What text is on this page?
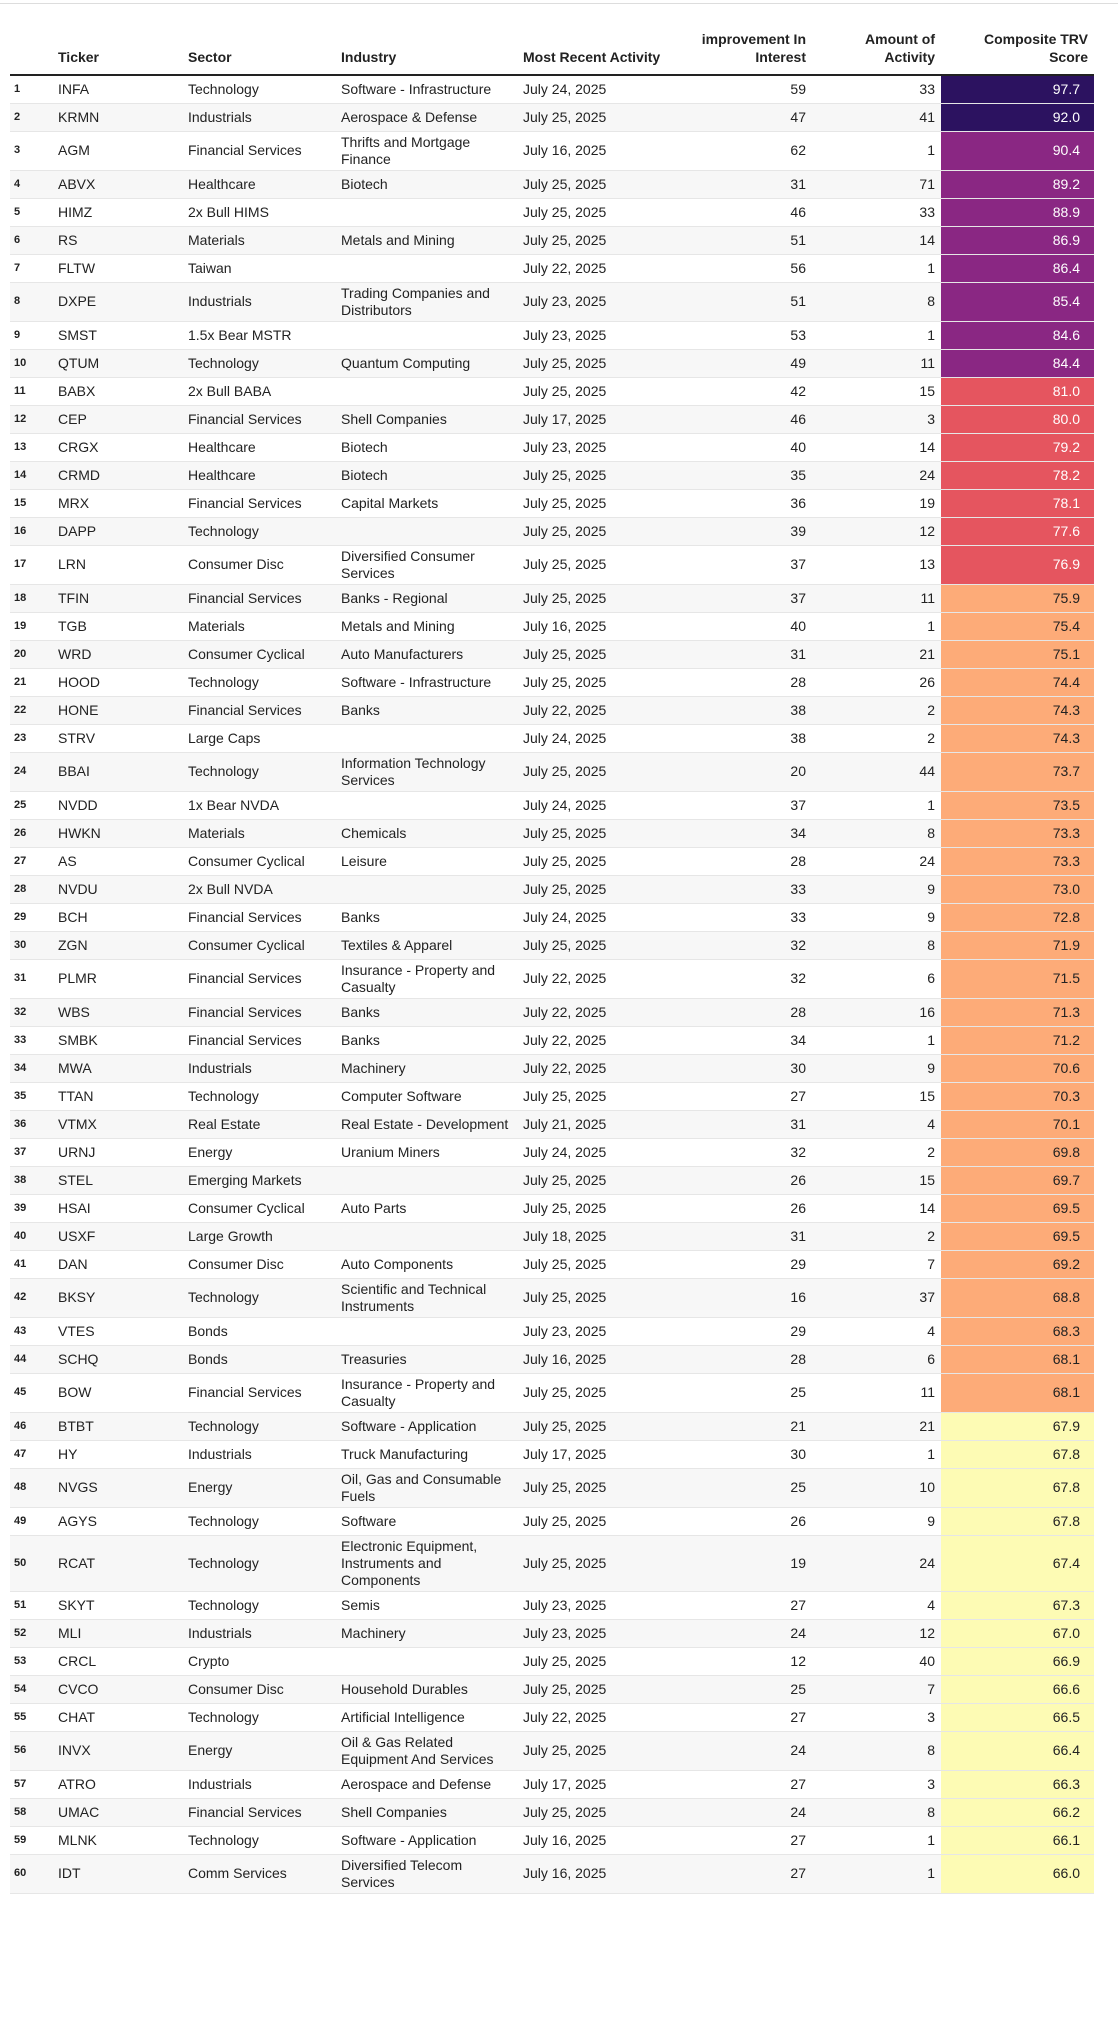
	Ticker	Sector	Industry	Most Recent Activity	improvement In Interest	Amount of Activity	Composite TRV Score
1	INFA	Technology	Software - Infrastructure	July 24, 2025	59	33	97.7
2	KRMN	Industrials	Aerospace & Defense	July 25, 2025	47	41	92.0
3	AGM	Financial Services	Thrifts and Mortgage Finance	July 16, 2025	62	1	90.4
4	ABVX	Healthcare	Biotech	July 25, 2025	31	71	89.2
5	HIMZ	2x Bull HIMS		July 25, 2025	46	33	88.9
6	RS	Materials	Metals and Mining	July 25, 2025	51	14	86.9
7	FLTW	Taiwan		July 22, 2025	56	1	86.4
8	DXPE	Industrials	Trading Companies and Distributors	July 23, 2025	51	8	85.4
9	SMST	1.5x Bear MSTR		July 23, 2025	53	1	84.6
10	QTUM	Technology	Quantum Computing	July 25, 2025	49	11	84.4
11	BABX	2x Bull BABA		July 25, 2025	42	15	81.0
12	CEP	Financial Services	Shell Companies	July 17, 2025	46	3	80.0
13	CRGX	Healthcare	Biotech	July 23, 2025	40	14	79.2
14	CRMD	Healthcare	Biotech	July 25, 2025	35	24	78.2
15	MRX	Financial Services	Capital Markets	July 25, 2025	36	19	78.1
16	DAPP	Technology		July 25, 2025	39	12	77.6
17	LRN	Consumer Disc	Diversified Consumer Services	July 25, 2025	37	13	76.9
18	TFIN	Financial Services	Banks - Regional	July 25, 2025	37	11	75.9
19	TGB	Materials	Metals and Mining	July 16, 2025	40	1	75.4
20	WRD	Consumer Cyclical	Auto Manufacturers	July 25, 2025	31	21	75.1
21	HOOD	Technology	Software - Infrastructure	July 25, 2025	28	26	74.4
22	HONE	Financial Services	Banks	July 22, 2025	38	2	74.3
23	STRV	Large Caps		July 24, 2025	38	2	74.3
24	BBAI	Technology	Information Technology Services	July 25, 2025	20	44	73.7
25	NVDD	1x Bear NVDA		July 24, 2025	37	1	73.5
26	HWKN	Materials	Chemicals	July 25, 2025	34	8	73.3
27	AS	Consumer Cyclical	Leisure	July 25, 2025	28	24	73.3
28	NVDU	2x Bull NVDA		July 25, 2025	33	9	73.0
29	BCH	Financial Services	Banks	July 24, 2025	33	9	72.8
30	ZGN	Consumer Cyclical	Textiles & Apparel	July 25, 2025	32	8	71.9
31	PLMR	Financial Services	Insurance - Property and Casualty	July 22, 2025	32	6	71.5
32	WBS	Financial Services	Banks	July 22, 2025	28	16	71.3
33	SMBK	Financial Services	Banks	July 22, 2025	34	1	71.2
34	MWA	Industrials	Machinery	July 22, 2025	30	9	70.6
35	TTAN	Technology	Computer Software	July 25, 2025	27	15	70.3
36	VTMX	Real Estate	Real Estate - Development	July 21, 2025	31	4	70.1
37	URNJ	Energy	Uranium Miners	July 24, 2025	32	2	69.8
38	STEL	Emerging Markets		July 25, 2025	26	15	69.7
39	HSAI	Consumer Cyclical	Auto Parts	July 25, 2025	26	14	69.5
40	USXF	Large Growth		July 18, 2025	31	2	69.5
41	DAN	Consumer Disc	Auto Components	July 25, 2025	29	7	69.2
42	BKSY	Technology	Scientific and Technical Instruments	July 25, 2025	16	37	68.8
43	VTES	Bonds		July 23, 2025	29	4	68.3
44	SCHQ	Bonds	Treasuries	July 16, 2025	28	6	68.1
45	BOW	Financial Services	Insurance - Property and Casualty	July 25, 2025	25	11	68.1
46	BTBT	Technology	Software - Application	July 25, 2025	21	21	67.9
47	HY	Industrials	Truck Manufacturing	July 17, 2025	30	1	67.8
48	NVGS	Energy	Oil, Gas and Consumable Fuels	July 25, 2025	25	10	67.8
49	AGYS	Technology	Software	July 25, 2025	26	9	67.8
50	RCAT	Technology	Electronic Equipment, Instruments and Components	July 25, 2025	19	24	67.4
51	SKYT	Technology	Semis	July 23, 2025	27	4	67.3
52	MLI	Industrials	Machinery	July 23, 2025	24	12	67.0
53	CRCL	Crypto		July 25, 2025	12	40	66.9
54	CVCO	Consumer Disc	Household Durables	July 25, 2025	25	7	66.6
55	CHAT	Technology	Artificial Intelligence	July 22, 2025	27	3	66.5
56	INVX	Energy	Oil & Gas Related Equipment And Services	July 25, 2025	24	8	66.4
57	ATRO	Industrials	Aerospace and Defense	July 17, 2025	27	3	66.3
58	UMAC	Financial Services	Shell Companies	July 25, 2025	24	8	66.2
59	MLNK	Technology	Software - Application	July 16, 2025	27	1	66.1
60	IDT	Comm Services	Diversified Telecom Services	July 16, 2025	27	1	66.0
